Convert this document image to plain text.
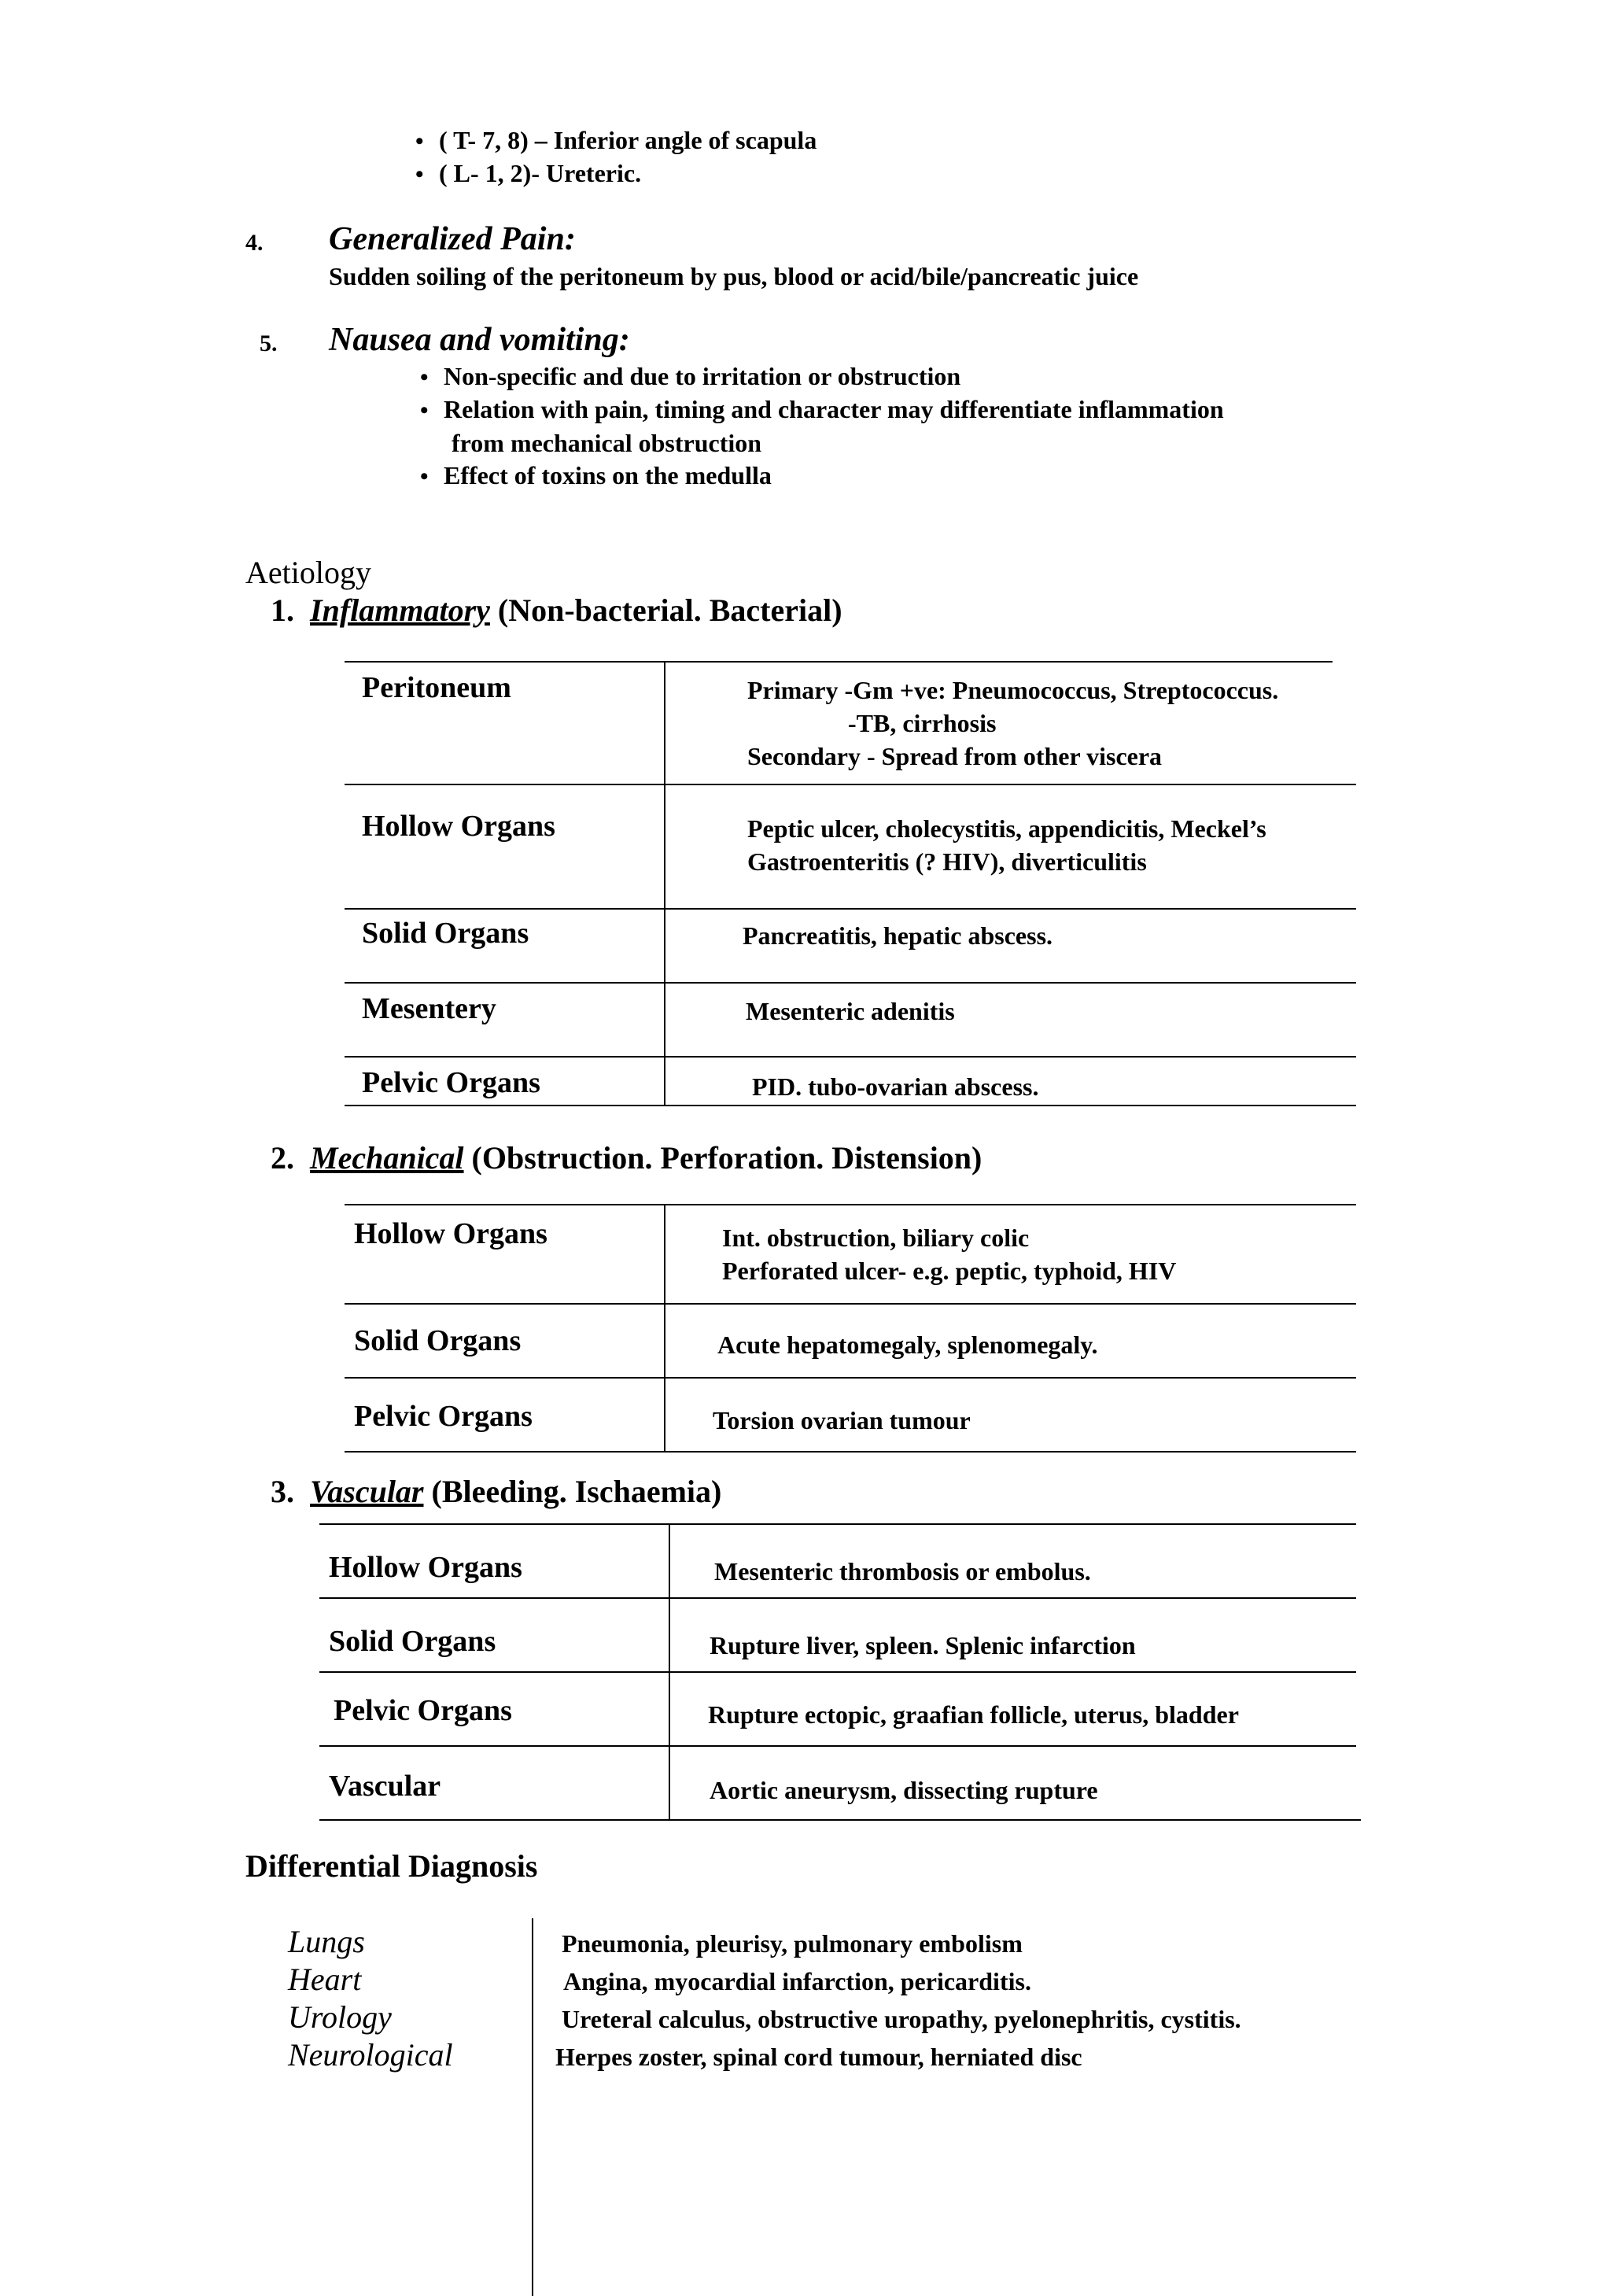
• ( T- 7, 8) – Inferior angle of scapula
• ( L- 1, 2)- Ureteric.
4. Generalized Pain:
Sudden soiling of the peritoneum by pus, blood or acid/bile/pancreatic juice
5. Nausea and vomiting:
• Non-specific and due to irritation or obstruction
• Relation with pain, timing and character may differentiate inflammation
from mechanical obstruction
• Effect of toxins on the medulla
Aetiology
1. Inflammatory (Non-bacterial. Bacterial)
Peritoneum	Primary -Gm +ve: Pneumococcus, Streptococcus.
-TB, cirrhosis
Secondary - Spread from other viscera
Hollow Organs	Peptic ulcer, cholecystitis, appendicitis, Meckel’s
Gastroenteritis (? HIV), diverticulitis
Solid Organs	Pancreatitis, hepatic abscess.
Mesentery	Mesenteric adenitis
Pelvic Organs	PID. tubo-ovarian abscess.
2. Mechanical (Obstruction. Perforation. Distension)
Hollow Organs	Int. obstruction, biliary colic
Perforated ulcer- e.g. peptic, typhoid, HIV
Solid Organs	Acute hepatomegaly, splenomegaly.
Pelvic Organs	Torsion ovarian tumour
3. Vascular (Bleeding. Ischaemia)
Hollow Organs	Mesenteric thrombosis or embolus.
Solid Organs	Rupture liver, spleen. Splenic infarction
Pelvic Organs	Rupture ectopic, graafian follicle, uterus, bladder
Vascular	Aortic aneurysm, dissecting rupture
Differential Diagnosis
Lungs	Pneumonia, pleurisy, pulmonary embolism
Heart	Angina, myocardial infarction, pericarditis.
Urology	Ureteral calculus, obstructive uropathy, pyelonephritis, cystitis.
Neurological	Herpes zoster, spinal cord tumour, herniated disc
